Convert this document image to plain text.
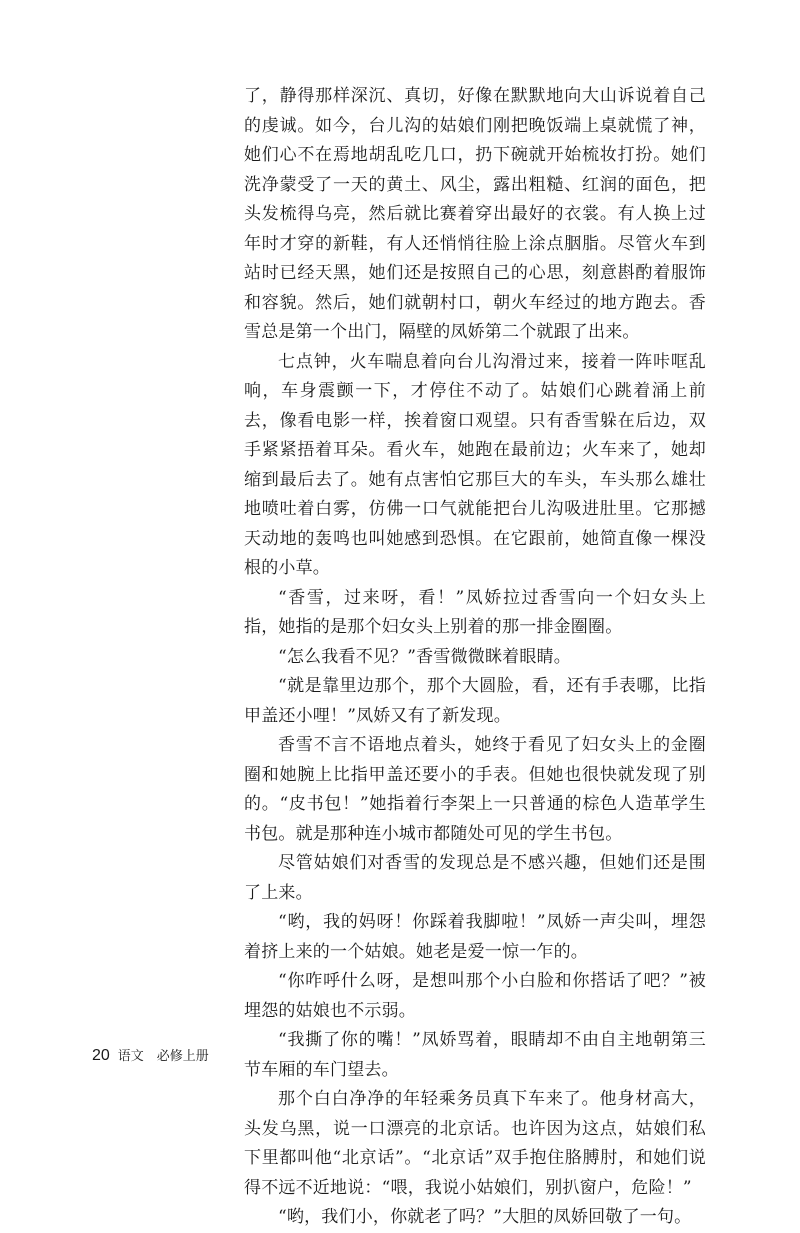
了，静得那样深沉、真切，好像在默默地向大山诉说着自己的虔诚。如今，台儿沟的姑娘们刚把晚饭端上桌就慌了神，她们心不在焉地胡乱吃几口，扔下碗就开始梳妆打扮。她们洗净蒙受了一天的黄土、风尘，露出粗糙、红润的面色，把头发梳得乌亮，然后就比赛着穿出最好的衣裳。有人换上过年时才穿的新鞋，有人还悄悄往脸上涂点胭脂。尽管火车到站时已经天黑，她们还是按照自己的心思，刻意斟酌着服饰和容貌。然后，她们就朝村口，朝火车经过的地方跑去。香雪总是第一个出门，隔壁的凤娇第二个就跟了出来。

七点钟，火车喘息着向台儿沟滑过来，接着一阵咔哐乱响，车身震颤一下，才停住不动了。姑娘们心跳着涌上前去，像看电影一样，挨着窗口观望。只有香雪躲在后边，双手紧紧捂着耳朵。看火车，她跑在最前边；火车来了，她却缩到最后去了。她有点害怕它那巨大的车头，车头那么雄壮地喷吐着白雾，仿佛一口气就能把台儿沟吸进肚里。它那撼天动地的轰鸣也叫她感到恐惧。在它跟前，她简直像一棵没根的小草。

“香雪，过来呀，看！”凤娇拉过香雪向一个妇女头上指，她指的是那个妇女头上别着的那一排金圈圈。

“怎么我看不见？”香雪微微眯着眼睛。

“就是靠里边那个，那个大圆脸，看，还有手表哪，比指甲盖还小哩！”凤娇又有了新发现。

香雪不言不语地点着头，她终于看见了妇女头上的金圈圈和她腕上比指甲盖还要小的手表。但她也很快就发现了别的。“皮书包！”她指着行李架上一只普通的棕色人造革学生书包。就是那种连小城市都随处可见的学生书包。

尽管姑娘们对香雪的发现总是不感兴趣，但她们还是围了上来。

“哟，我的妈呀！你踩着我脚啦！”凤娇一声尖叫，埋怨着挤上来的一个姑娘。她老是爱一惊一乍的。

“你咋呼什么呀，是想叫那个小白脸和你搭话了吧？”被埋怨的姑娘也不示弱。

“我撕了你的嘴！”凤娇骂着，眼睛却不由自主地朝第三节车厢的车门望去。

那个白白净净的年轻乘务员真下车来了。他身材高大，头发乌黑，说一口漂亮的北京话。也许因为这点，姑娘们私下里都叫他“北京话”。“北京话”双手抱住胳膊肘，和她们说得不远不近地说：“喂，我说小姑娘们，别扒窗户，危险！”

“哟，我们小，你就老了吗？”大胆的凤娇回敬了一句。

20 语文　必修上册
